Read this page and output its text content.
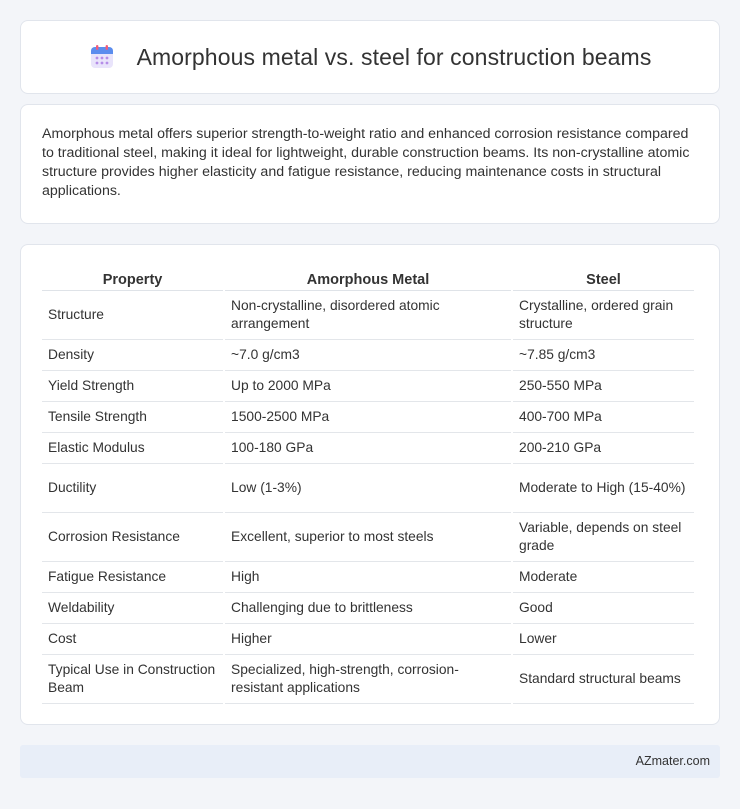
Amorphous metal vs. steel for construction beams

Amorphous metal offers superior strength-to-weight ratio and enhanced corrosion resistance compared to traditional steel, making it ideal for lightweight, durable construction beams. Its non-crystalline atomic structure provides higher elasticity and fatigue resistance, reducing maintenance costs in structural applications.

Property	Amorphous Metal	Steel
Structure	Non-crystalline, disordered atomic arrangement	Crystalline, ordered grain structure
Density	~7.0 g/cm3	~7.85 g/cm3
Yield Strength	Up to 2000 MPa	250-550 MPa
Tensile Strength	1500-2500 MPa	400-700 MPa
Elastic Modulus	100-180 GPa	200-210 GPa
Ductility	Low (1-3%)	Moderate to High (15-40%)
Corrosion Resistance	Excellent, superior to most steels	Variable, depends on steel grade
Fatigue Resistance	High	Moderate
Weldability	Challenging due to brittleness	Good
Cost	Higher	Lower
Typical Use in Construction Beam	Specialized, high-strength, corrosion-resistant applications	Standard structural beams
AZmater.com
